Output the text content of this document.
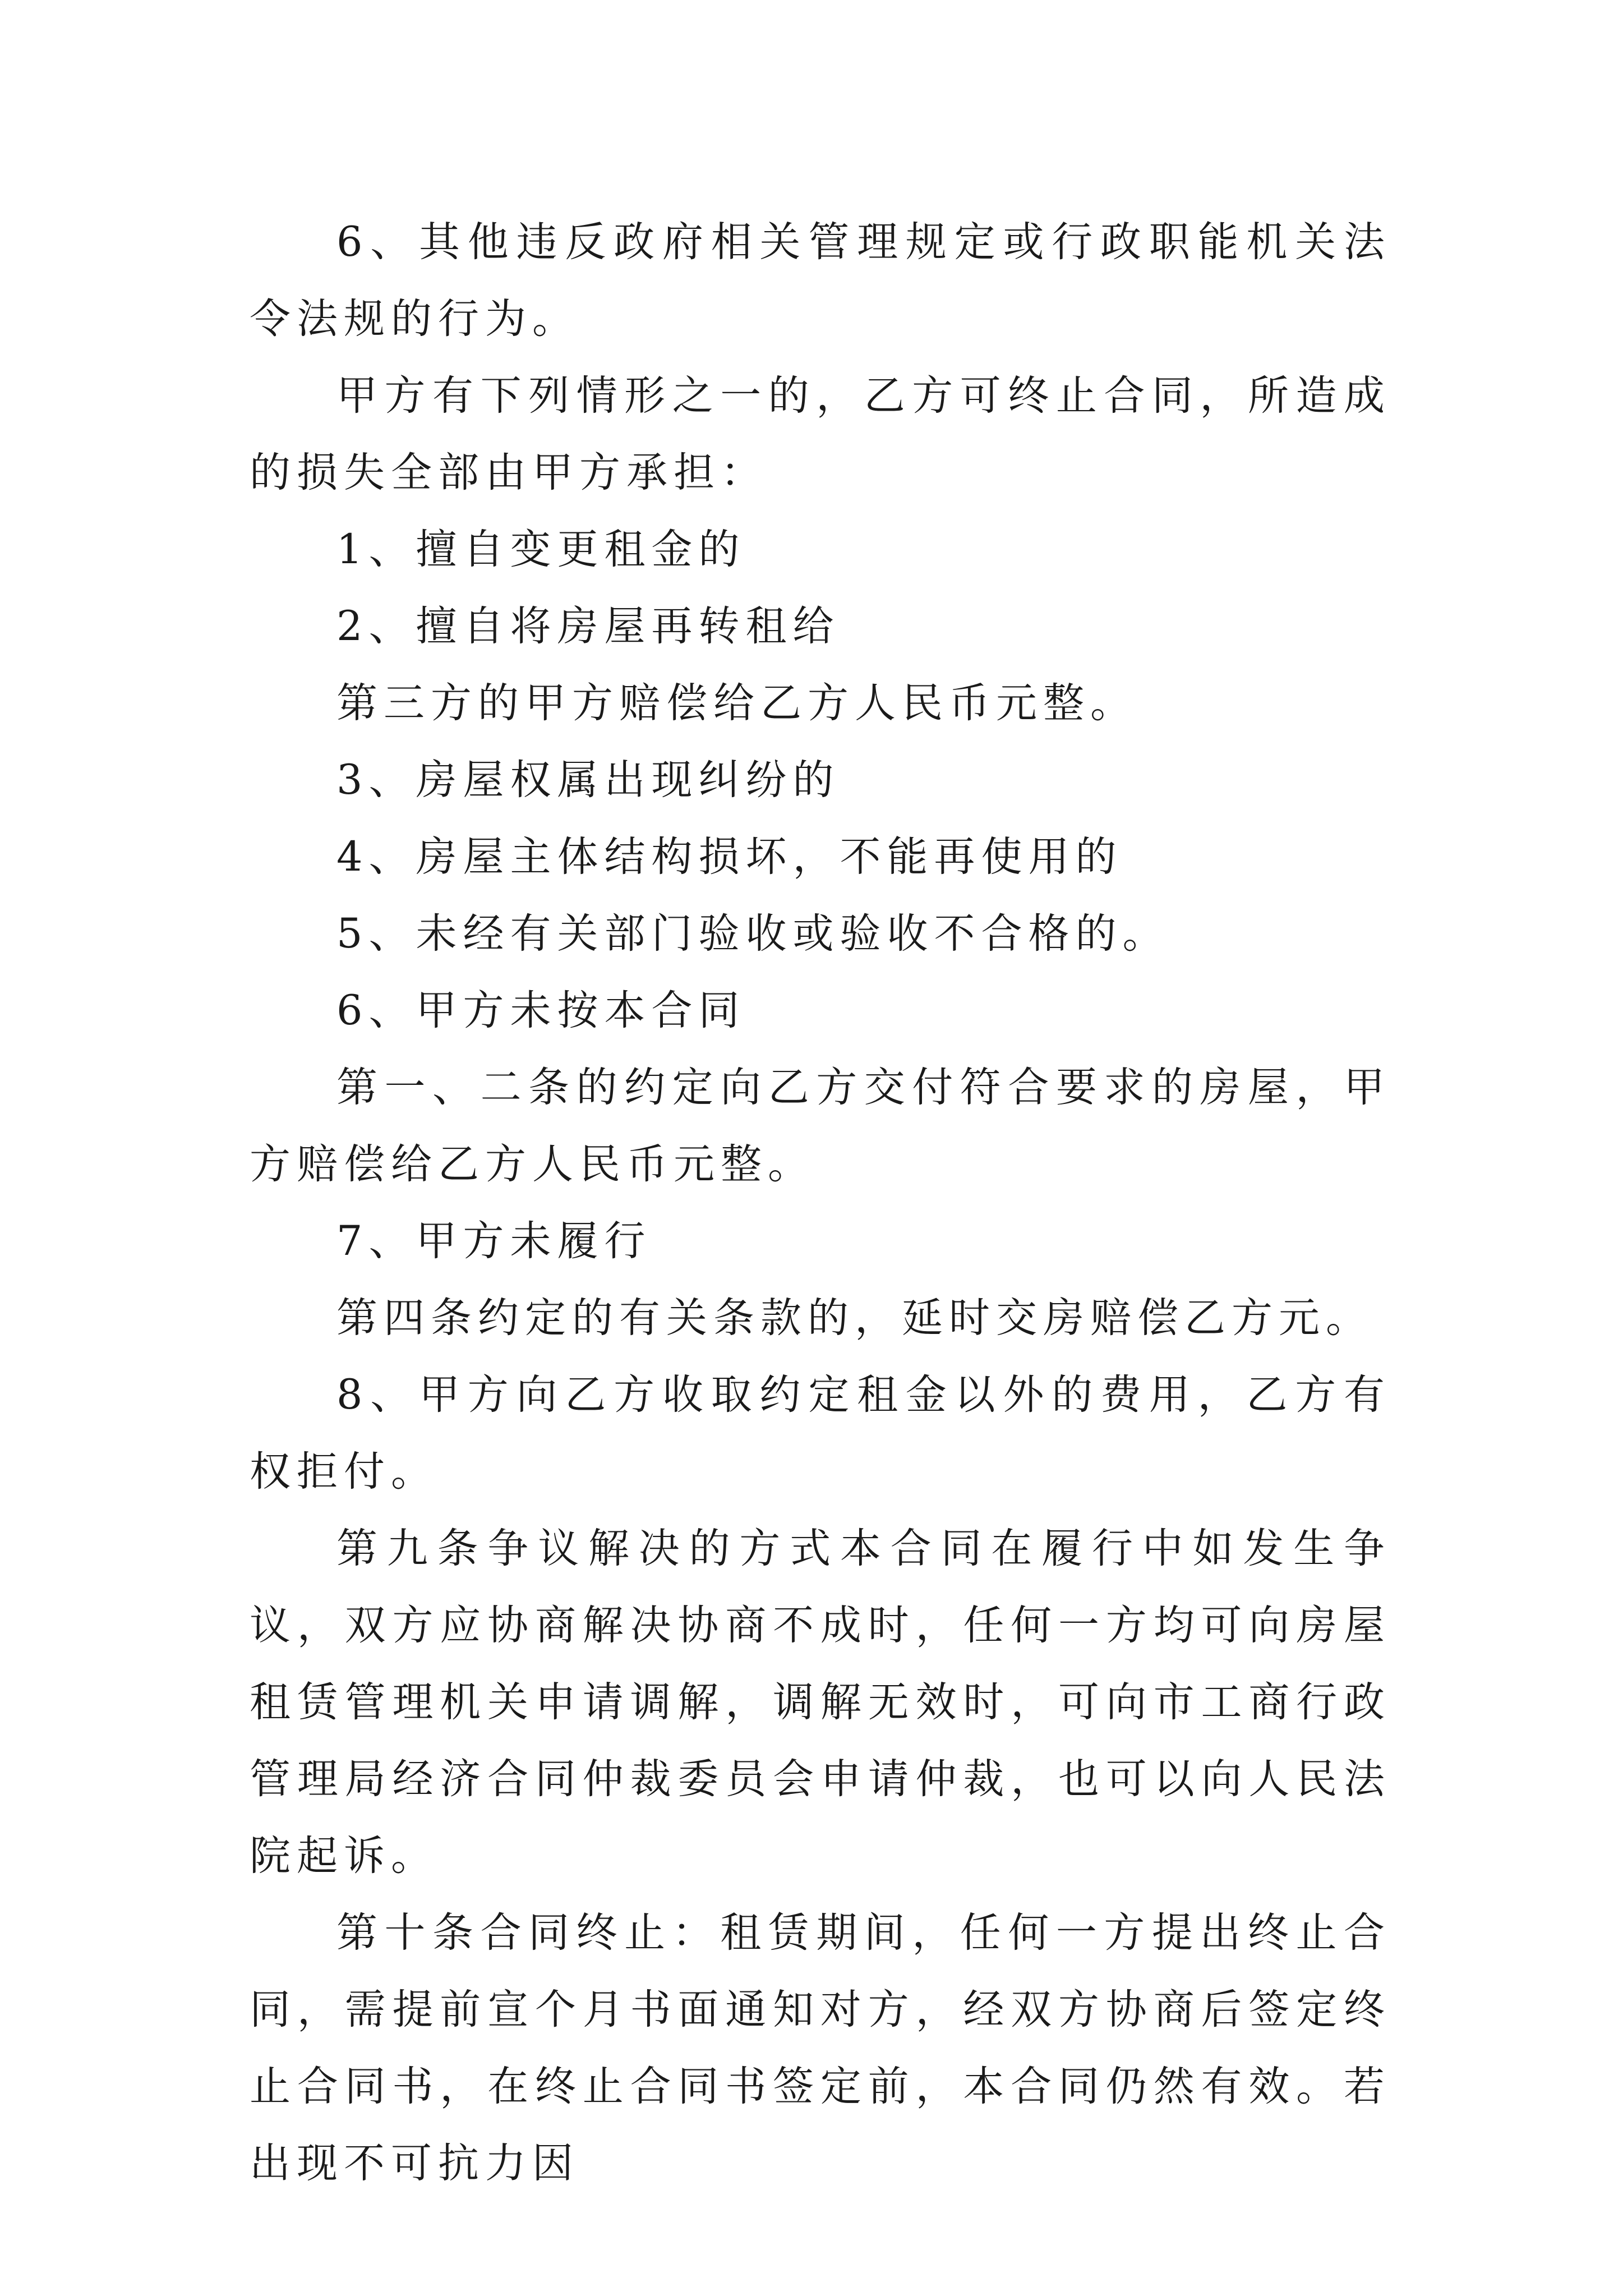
6、其他违反政府相关管理规定或行政职能机关法令法规的行为。

甲方有下列情形之一的，乙方可终止合同，所造成的损失全部由甲方承担：

1、擅自变更租金的

2、擅自将房屋再转租给

第三方的甲方赔偿给乙方人民币元整。

3、房屋权属出现纠纷的

4、房屋主体结构损坏，不能再使用的

5、未经有关部门验收或验收不合格的。

6、甲方未按本合同

第一、二条的约定向乙方交付符合要求的房屋，甲方赔偿给乙方人民币元整。

7、甲方未履行

第四条约定的有关条款的，延时交房赔偿乙方元。

8、甲方向乙方收取约定租金以外的费用，乙方有权拒付。

第九条争议解决的方式本合同在履行中如发生争议，双方应协商解决协商不成时，任何一方均可向房屋租赁管理机关申请调解，调解无效时，可向市工商行政管理局经济合同仲裁委员会申请仲裁，也可以向人民法院起诉。

第十条合同终止：租赁期间，任何一方提出终止合同，需提前宣个月书面通知对方，经双方协商后签定终止合同书，在终止合同书签定前，本合同仍然有效。若出现不可抗力因
